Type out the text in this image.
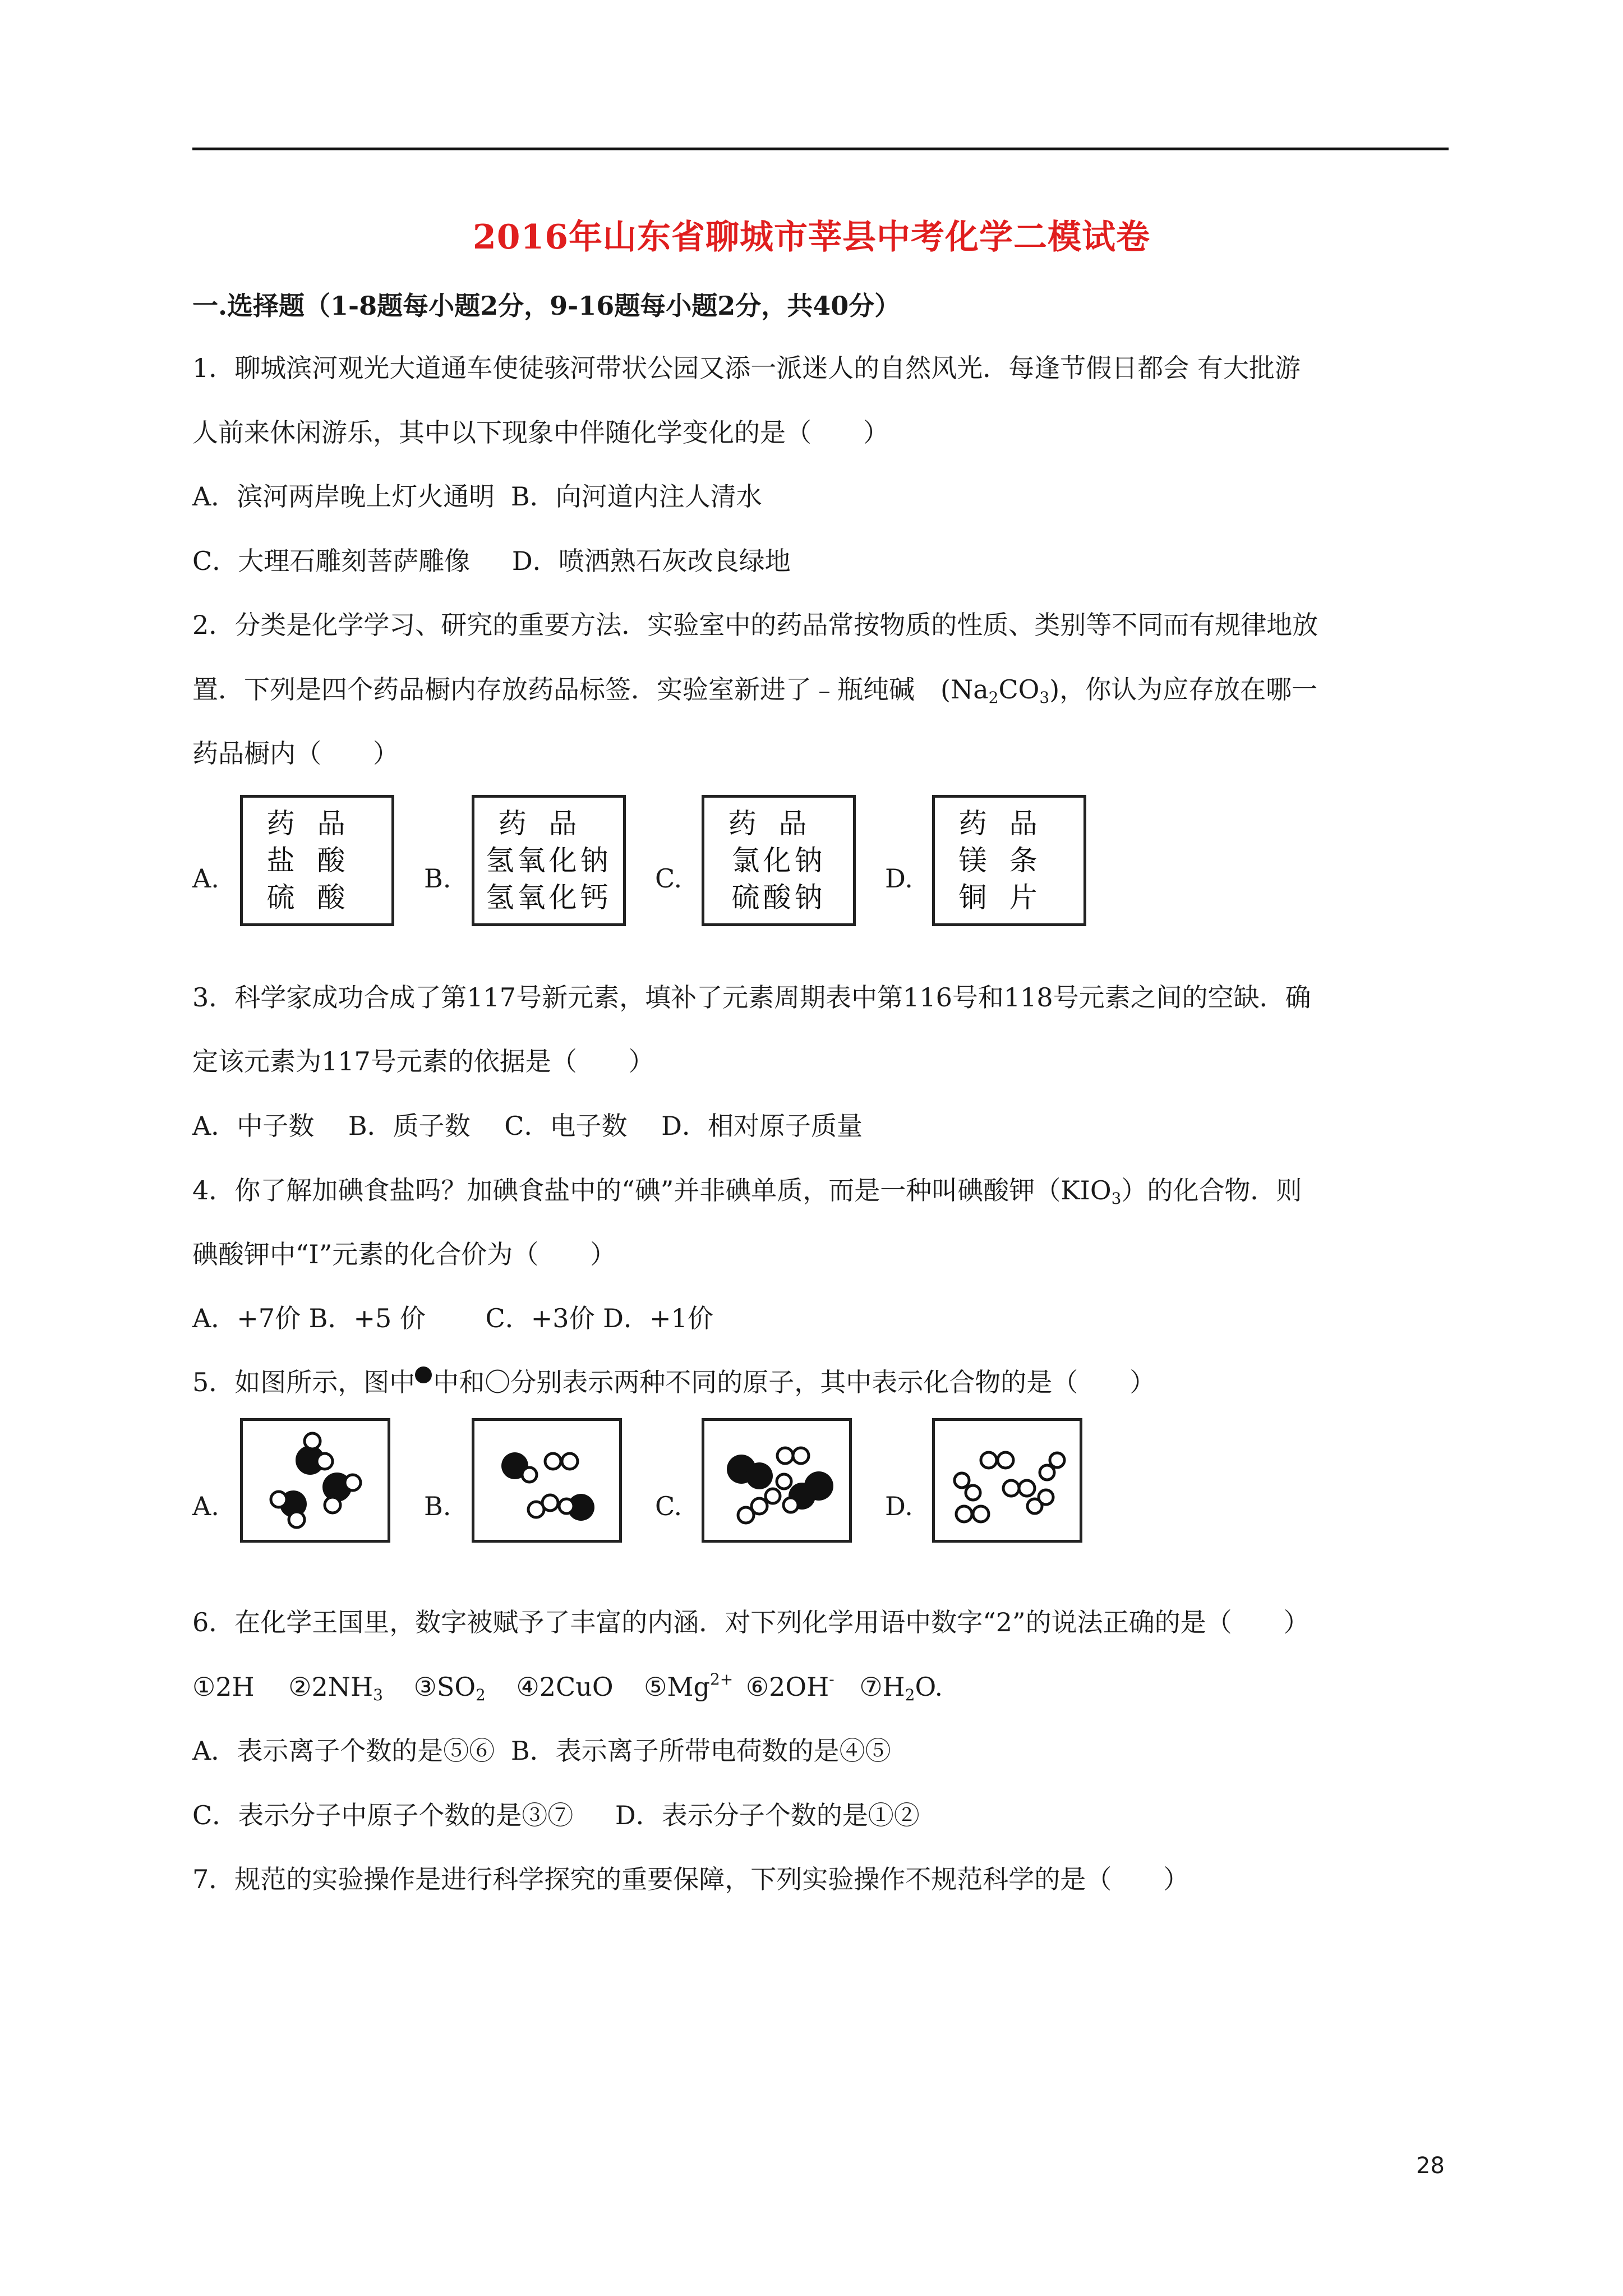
2016年山东省聊城市莘县中考化学二模试卷
一.选择题（1-8题每小题2分，9-16题每小题2分，共40分）
1．聊城滨河观光大道通车使徒骇河带状公园又添一派迷人的自然风光．每逢节假日都会 有大批游
人前来休闲游乐，其中以下现象中伴随化学变化的是（　　）
A．滨河两岸晚上灯火通明 B．向河道内注人清水
C．大理石雕刻菩萨雕像 D．喷洒熟石灰改良绿地
2．分类是化学学习、研究的重要方法．实验室中的药品常按物质的性质、类别等不同而有规律地放
置．下列是四个药品橱内存放药品标签．实验室新进了﹣瓶纯碱　$(Na_2CO_3)$，你认为应存放在哪一
药品橱内（　　）
A.
药品
盐酸
硫酸
B.
药品
氢氧化钠
氢氧化钙
C.
药品
氯化钠
硫酸钠
D.
药品
镁条
铜片
3．科学家成功合成了第117号新元素，填补了元素周期表中第116号和118号元素之间的空缺．确
定该元素为117号元素的依据是（　　）
A．中子数　 B．质子数　 C．电子数　 D．相对原子质量
4．你了解加碘食盐吗？加碘食盐中的“碘”并非碘单质，而是一种叫碘酸钾$(KIO_3)$的化合物．则
碘酸钾中“I”元素的化合价为（　　）
A．+7价 B．+5 价　　 C．+3价 D．+1价
5．如图所示，图中 中和〇分别表示两种不同的原子，其中表示化合物的是（　　）
A.	B.	C.	D.
6．在化学王国里，数字被赋予了丰富的内涵．对下列化学用语中数字“2”的说法正确的是（　　）
①2H $②2NH_3$ $③SO_2$ ④2CuO $⑤Mg^{2+}$ ⑥2OH- $⑦H_2O$.
A．表示离子个数的是⑤⑥ B．表示离子所带电荷数的是④⑤
C．表示分子中原子个数的是③⑦ D．表示分子个数的是①②
7．规范的实验操作是进行科学探究的重要保障，下列实验操作不规范科学的是（　　）
28
